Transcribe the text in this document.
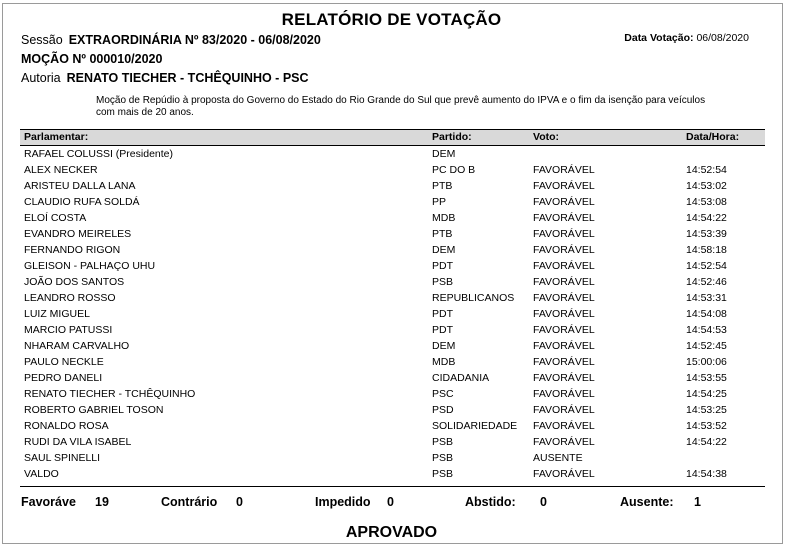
RELATÓRIO DE VOTAÇÃO
Data Votação: 06/08/2020
Sessão EXTRAORDINÁRIA Nº 83/2020 - 06/08/2020
MOÇÃO Nº 000010/2020
Autoria RENATO TIECHER - TCHÊQUINHO - PSC
Moção de Repúdio à proposta do Governo do Estado do Rio Grande do Sul que prevê aumento do IPVA e o fim da isenção para veículos
com mais de 20 anos.
Parlamentar:	Partido:	Voto:	Data/Hora:
RAFAEL COLUSSI (Presidente)	DEM
ALEX NECKER	PC DO B	FAVORÁVEL	14:52:54
ARISTEU DALLA LANA	PTB	FAVORÁVEL	14:53:02
CLAUDIO RUFA SOLDÁ	PP	FAVORÁVEL	14:53:08
ELOÍ COSTA	MDB	FAVORÁVEL	14:54:22
EVANDRO MEIRELES	PTB	FAVORÁVEL	14:53:39
FERNANDO RIGON	DEM	FAVORÁVEL	14:58:18
GLEISON - PALHAÇO UHU	PDT	FAVORÁVEL	14:52:54
JOÃO DOS SANTOS	PSB	FAVORÁVEL	14:52:46
LEANDRO ROSSO	REPUBLICANOS FAVORÁVEL	14:53:31
LUIZ MIGUEL	PDT	FAVORÁVEL	14:54:08
MARCIO PATUSSI	PDT	FAVORÁVEL	14:54:53
NHARAM CARVALHO	DEM	FAVORÁVEL	14:52:45
PAULO NECKLE	MDB	FAVORÁVEL	15:00:06
PEDRO DANELI	CIDADANIA	FAVORÁVEL	14:53:55
RENATO TIECHER - TCHÊQUINHO	PSC	FAVORÁVEL	14:54:25
ROBERTO GABRIEL TOSON	PSD	FAVORÁVEL	14:53:25
RONALDO ROSA	SOLIDARIEDADE FAVORÁVEL	14:53:52
RUDI DA VILA ISABEL	PSB	FAVORÁVEL	14:54:22
SAUL SPINELLI	PSB	AUSENTE
VALDO	PSB	FAVORÁVEL	14:54:38
Favoráve 19	Contrário 0	Impedido 0	Abstido: 0	Ausente: 1
APROVADO
